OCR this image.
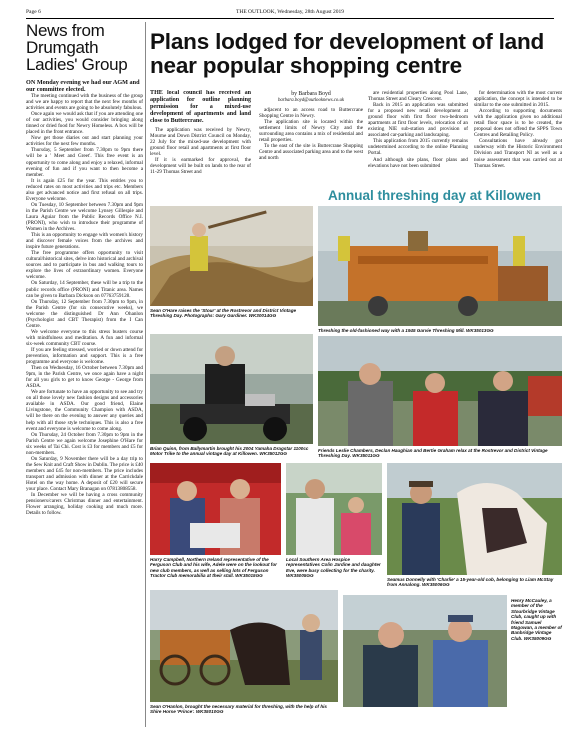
Page 6	THE OUTLOOK, Wednesday, 28th August 2019
News from Drumgath Ladies' Group
ON Monday evening we had our AGM and our committee elected.

The meeting continued with the business of the group and we are happy to report that the next few months of activities and events are going to be absolutely fabulous.

Once again we would ask that if you are attending one of our activities, you would consider bringing along tinned or dried food for Newry Homeless. A box will be placed in the front entrance.

Now get those diaries out and start planning your activities for the next few months.

Thursday, 5 September from 7.30pm to 9pm there will be a ' Meet and Greet'. This free event is an opportunity to come along and enjoy a relaxed, informal evening of fun and if you want to then become a member.

It is again £25 for the year. This entitles you to reduced rates on most activities and trips etc. Members also get advanced notice and first refusal on all trips. Everyone welcome.

On Tuesday, 10 September between 7.30pm and 9pm in the Parish Centre we welcome Lynsey Gillespie and Laura Aguiar from the Public Records Office N.I. (PRONI), who wish to introduce their programme of Women in the Archives.

This is an opportunity to engage with women's history and discover female voices from the archives and inspire future generations.

The free programme offers opportunity to visit cultural/historical sites, delve into historical and archival sources and to participate in bus and walking tours to explore the lives of extraordinary women. Everyone welcome.

On Saturday, 14 September, these will be a trip to the public records office (PRONI) and Titanic area. Names can be given to Barbara Dickson on 07763759128.

On Thursday, 12 September from 7.30pm to 9pm, in the Parish Centre (for six consecutive weeks), we welcome the distinguished Dr Ann Ohanlon (Psychologist and CBT Therapist) from the I Can Centre.

We welcome everyone to this stress busters course with mindfulness and meditation. A fun and informal six-week community CBT course.

If you are feeling stressed, worried or down attend for prevention, information and support. This is a free programme and everyone is welcome.

Then on Wednesday, 16 October between 7.30pm and 9pm, in the Parish Centre, we once again have a night for all you girls to get to know George - George from ASDA.

We are fortunate to have an opportunity to see and try on all those lovely new fashion designs and accessories available in ASDA. Our good friend, Elaine Livingstone, the Community Champion with ASDA, will be there on the evening to answer any queries and help with all those style techniques. This is also a free event and everyone is welcome to come along.

On Thursday, 24 October from 7.30pm to 9pm in the Parish Centre we again welcome Josephine O'Hare for six weeks of Tai Chi. Cost is £3 for members and £5 for non-members.

On Saturday, 9 November there will be a day trip to the Sew Knit and Craft Show in Dublin. The price is £40 members and £45 for non-members. The price includes transport and admission with dinner at the Carrickdale Hotel on the way home. A deposit of £20 will secure your place. Contact Mary Branagan on 07813808558.

In December we will be having a cross community pensioners/carers Christmas dinner and entertainment. Flower arranging, holiday cooking and much more. Details to follow.

Plans lodged for development of land near popular shopping centre
THE local council has received an application for outline planning permission for a mixed-use development of apartments and land close to Buttercrane.

The application was received by Newry, Mourne and Down District Council on Monday, 22 July for the mixed-use development with ground floor retail and apartments at first floor level.

If it is earmarked for approval, the development will be built on lands to the rear of 11-29 Thomas Street and

by Barbara Boyd
barbara.boyd@outlooknews.co.uk

adjacent to an access road to Buttercrane Shopping Centre in Newry.

The application site is located within the settlement limits of Newry City and the surrounding area contains a mix of residential and retail properties.

To the east of the site is Buttercrane Shopping Centre and associated parking area and to the west and north

are residential properties along Pool Lane, Thomas Street and Cleary Crescent.

Back in 2015 an application was submitted for a proposed new retail development at ground floor with first floor two-bedroom apartments at first floor levels, relocation of an existing NIE sub-station and provision of associated car-parking and landscaping.

This application from 2015 currently remains undetermined according to the online Planning Portal.

And although site plans, floor plans and elevations have not been submitted

for determination with the most current application, the concept is intended to be similar to the one submitted in 2015.

According to supporting documents with the application given no additional retail floor space is to be created, the proposal does not offend the SPPS Town Centres and Retailing Policy.

Consultations have already got underway with the Historic Environment Division and Transport NI as well as a noise assessment that was carried out at Thomas Street.

Annual threshing day at Killowen
Sean O'Hare raises the 'Stour' at the Rostrevor and District Vintage Threshing Day. Photographs: Gary Gardiner. WK30014GG
Threshing the old-fashioned way with a 1945 Garvie Threshing Mill. WK35013GG
Brian Quinn, from Ballymartin brought his 2004 Yamaha Dragstar 1100cc Motor Trike to the annual vintage day at Killowen. WK35012GG
Friends Leslie Chambers, Declan Haughian and Bertie Graham relax at the Rostrevor and District Vintage Threshing Day. WK35011GG
Harry Campbell, Northern Ireland representative of the Ferguson Club and his wife, Adele were on the lookout for new club members, as well as selling lots of Ferguson Tractor Club memorabilia at their stall. WK35015GG
Local Southern Area Hospice representatives Colin Jardine and daughter Eve, were busy collecting for the charity. WK35005GG
Seamus Donnelly with 'Charlie' a 15-year-old cob, belonging to Liam McStay from Annalong. WK35006GG
Sean O'Hanlon, brought the necessary material for threshing, with the help of his Shire Horse 'Prince'. WK35010GG
Henry McCauley, a member of the Stourbridge Vintage Club, caught up with friend Samuel Magowan, a member of Banbridge Vintage Club. WK35009GG
